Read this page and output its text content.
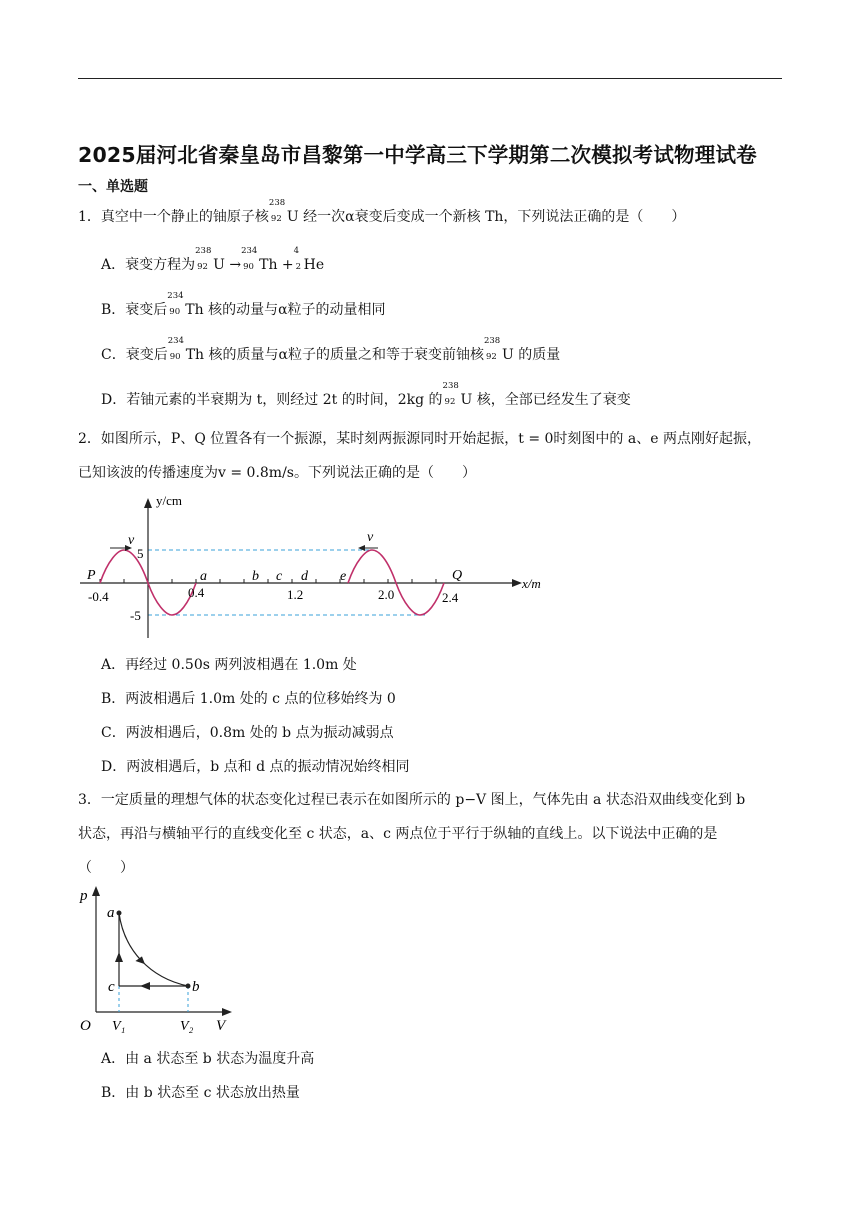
2025届河北省秦皇岛市昌黎第一中学高三下学期第二次模拟考试物理试卷
一、单选题
1．真空中一个静止的铀原子核
238
92 U 经一次α衰变后变成一个新核 Th，下列说法正确的是（　　）
A．衰变方程为
238
92 U →
234
90 Th +
4
2 He
B．衰变后
234
90 Th 核的动量与α粒子的动量相同
C．衰变后
234
90 Th 核的质量与α粒子的质量之和等于衰变前铀核
238
92 U 的质量
D．若铀元素的半衰期为 t，则经过 2t 的时间，2kg 的
238
92 U 核，全部已经发生了衰变
2．如图所示，P、Q 位置各有一个振源，某时刻两振源同时开始起振，t = 0时刻图中的 a、e 两点刚好起振，
已知该波的传播速度为v = 0.8m/s。下列说法正确的是（　　）
v	v
y/cm
x/m
5
-5
-0.4	0.4	1.2	2.0	2.4
P	a	b c d e	Q
A．再经过 0.50s 两列波相遇在 1.0m 处
B．两波相遇后 1.0m 处的 c 点的位移始终为 0
C．两波相遇后，0.8m 处的 b 点为振动减弱点
D．两波相遇后，b 点和 d 点的振动情况始终相同
3．一定质量的理想气体的状态变化过程已表示在如图所示的 p−V 图上，气体先由 a 状态沿双曲线变化到 b
状态，再沿与横轴平行的直线变化至 c 状态，a、c 两点位于平行于纵轴的直线上。以下说法中正确的是
（　　）
p
V
O V₁	V₂
a
b
c
A．由 a 状态至 b 状态为温度升高
B．由 b 状态至 c 状态放出热量
